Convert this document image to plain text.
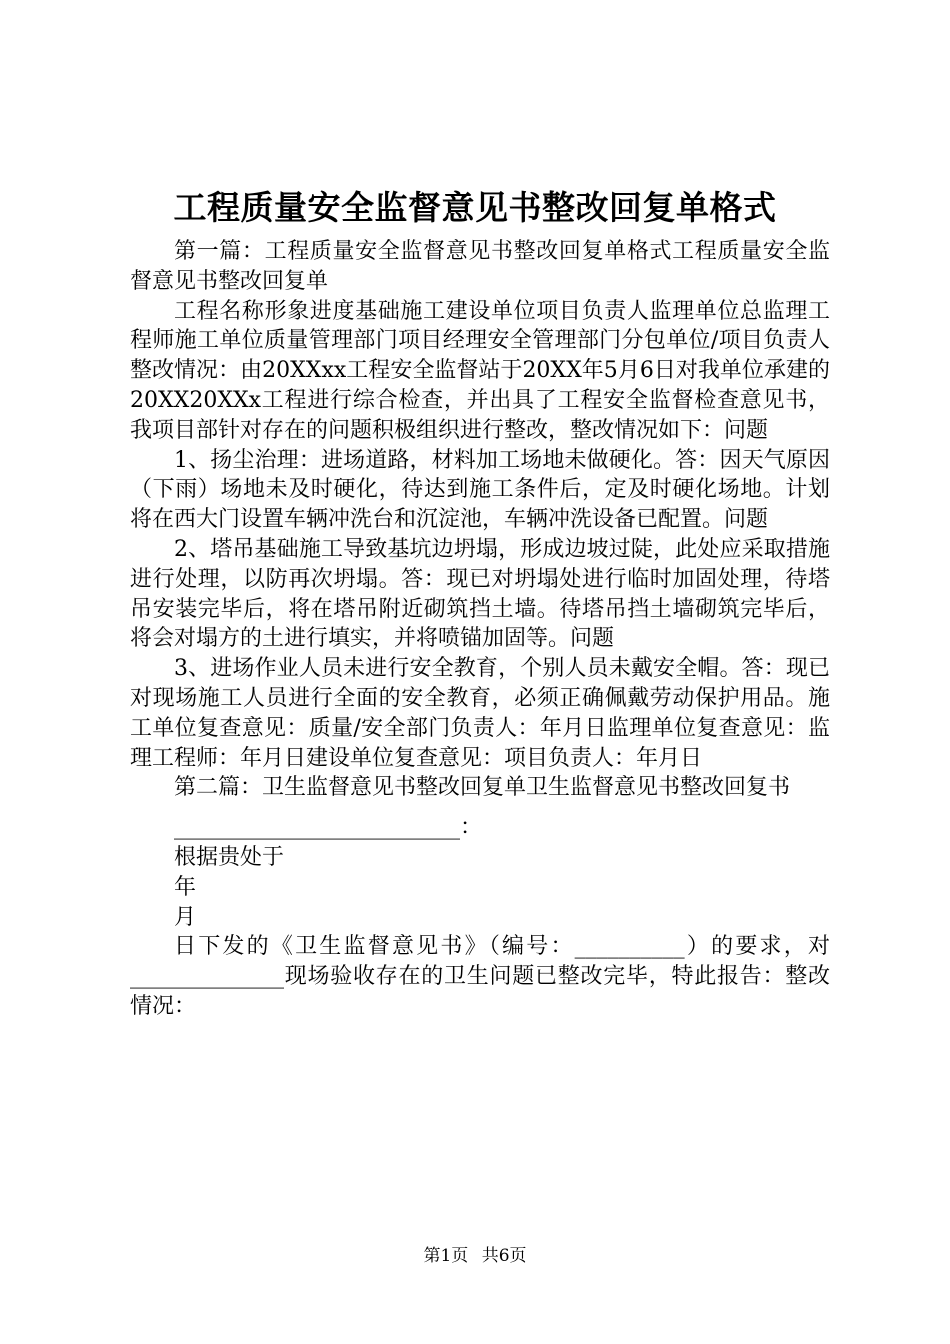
工程质量安全监督意见书整改回复单格式

第一篇：工程质量安全监督意见书整改回复单格式工程质量安全监督意见书整改回复单

工程名称形象进度基础施工建设单位项目负责人监理单位总监理工程师施工单位质量管理部门项目经理安全管理部门分包单位/项目负责人整改情况：由20XXxx工程安全监督站于20XX年5月6日对我单位承建的20XX20XXx工程进行综合检查，并出具了工程安全监督检查意见书，我项目部针对存在的问题积极组织进行整改，整改情况如下：问题

1、扬尘治理：进场道路，材料加工场地未做硬化。答：因天气原因（下雨）场地未及时硬化，待达到施工条件后，定及时硬化场地。计划将在西大门设置车辆冲洗台和沉淀池，车辆冲洗设备已配置。问题

2、塔吊基础施工导致基坑边坍塌，形成边坡过陡，此处应采取措施进行处理，以防再次坍塌。答：现已对坍塌处进行临时加固处理，待塔吊安装完毕后，将在塔吊附近砌筑挡土墙。待塔吊挡土墙砌筑完毕后，将会对塌方的土进行填实，并将喷锚加固等。问题

3、进场作业人员未进行安全教育，个别人员未戴安全帽。答：现已对现场施工人员进行全面的安全教育，必须正确佩戴劳动保护用品。施工单位复查意见：质量/安全部门负责人：年月日监理单位复查意见：监理工程师：年月日建设单位复查意见：项目负责人：年月日

第二篇：卫生监督意见书整改回复单卫生监督意见书整改回复书

__________________________：

根据贵处于

年

月

日下发的《卫生监督意见书》（编号：__________）的要求，对______________现场验收存在的卫生问题已整改完毕，特此报告：整改情况：

第1页 共6页
